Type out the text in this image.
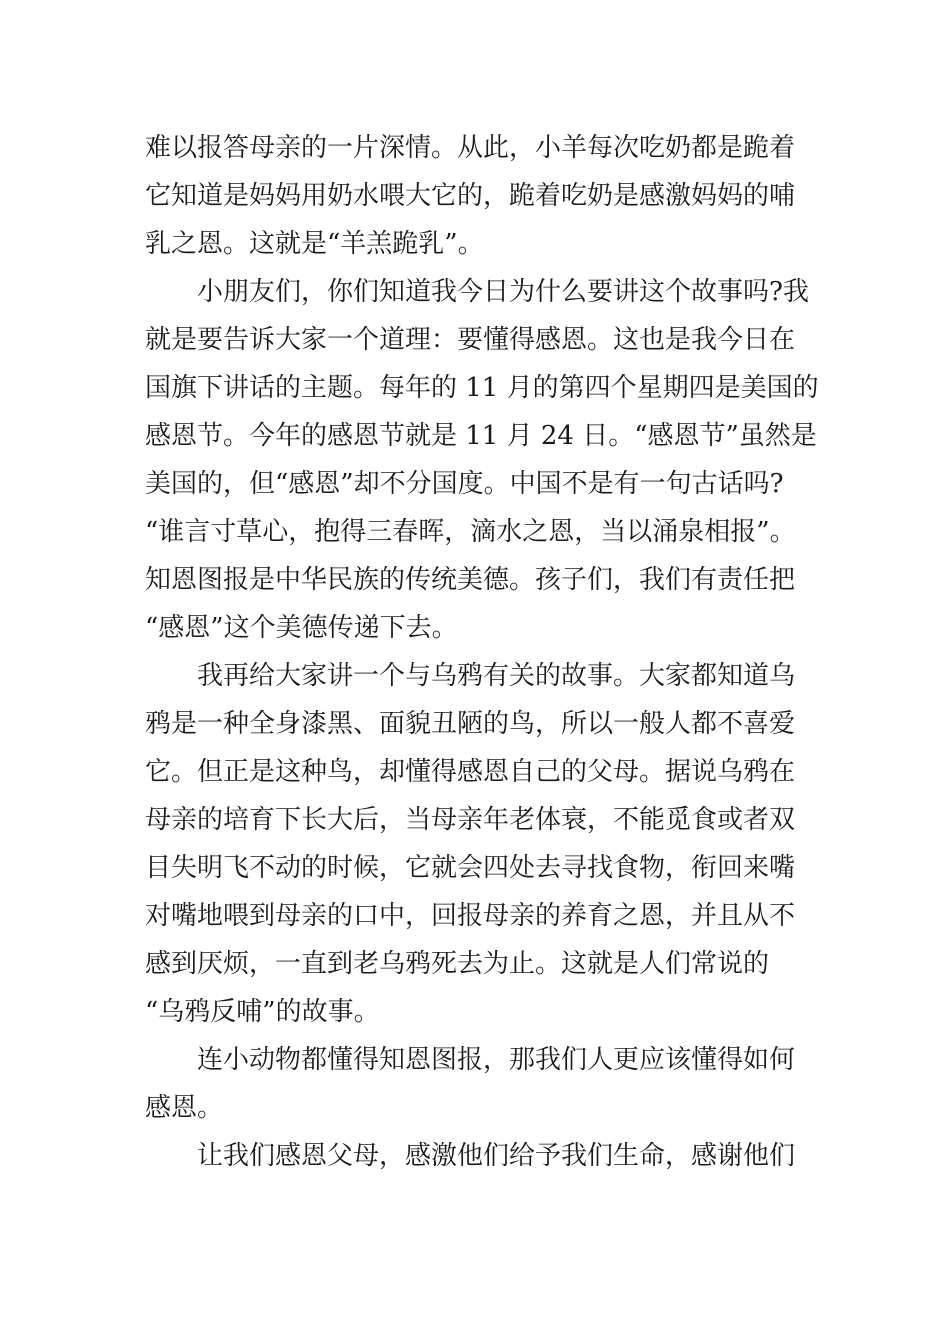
难以报答母亲的一片深情。从此，小羊每次吃奶都是跪着
它知道是妈妈用奶水喂大它的，跪着吃奶是感激妈妈的哺
乳之恩。这就是“羊羔跪乳”。
小朋友们，你们知道我今日为什么要讲这个故事吗?我
就是要告诉大家一个道理：要懂得感恩。这也是我今日在
国旗下讲话的主题。每年的 11 月的第四个星期四是美国的
感恩节。今年的感恩节就是 11 月 24 日。“感恩节”虽然是
美国的，但“感恩”却不分国度。中国不是有一句古话吗?
“谁言寸草心，抱得三春晖，滴水之恩，当以涌泉相报”。
知恩图报是中华民族的传统美德。孩子们，我们有责任把
“感恩”这个美德传递下去。
我再给大家讲一个与乌鸦有关的故事。大家都知道乌
鸦是一种全身漆黑、面貌丑陋的鸟，所以一般人都不喜爱
它。但正是这种鸟，却懂得感恩自己的父母。据说乌鸦在
母亲的培育下长大后，当母亲年老体衰，不能觅食或者双
目失明飞不动的时候，它就会四处去寻找食物，衔回来嘴
对嘴地喂到母亲的口中，回报母亲的养育之恩，并且从不
感到厌烦，一直到老乌鸦死去为止。这就是人们常说的
“乌鸦反哺”的故事。
连小动物都懂得知恩图报，那我们人更应该懂得如何
感恩。
让我们感恩父母，感激他们给予我们生命，感谢他们
